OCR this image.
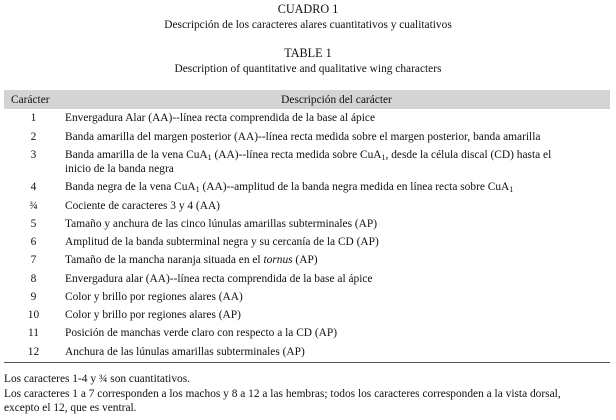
CUADRO 1
Descripción de los caracteres alares cuantitativos y cualitativos
TABLE 1
Description of quantitative and qualitative wing characters
Carácter	Descripción del carácter
1	Envergadura Alar (AA)--línea recta comprendida de la base al ápice
2	Banda amarilla del margen posterior (AA)--línea recta medida sobre el margen posterior, banda amarilla
3	Banda amarilla de la vena CuA$_1$ (AA)--línea recta medida sobre CuA$_1$, desde la célula discal (CD) hasta el
inicio de la banda negra
4	Banda negra de la vena CuA$_1$ (AA)--amplitud de la banda negra medida en línea recta sobre CuA$_1$
¾	Cociente de caracteres 3 y 4 (AA)
5	Tamaño y anchura de las cinco lúnulas amarillas subterminales (AP)
6	Amplitud de la banda subterminal negra y su cercanía de la CD (AP)
7	Tamaño de la mancha naranja situada en el tornus (AP)
8	Envergadura alar (AA)--línea recta comprendida de la base al ápice
9	Color y brillo por regiones alares (AA)
10	Color y brillo por regiones alares (AP)
11	Posición de manchas verde claro con respecto a la CD (AP)
12	Anchura de las lúnulas amarillas subterminales (AP)
Los caracteres 1-4 y ¾ son cuantitativos.
Los caracteres 1 a 7 corresponden a los machos y 8 a 12 a las hembras; todos los caracteres corresponden a la vista dorsal,
excepto el 12, que es ventral.
